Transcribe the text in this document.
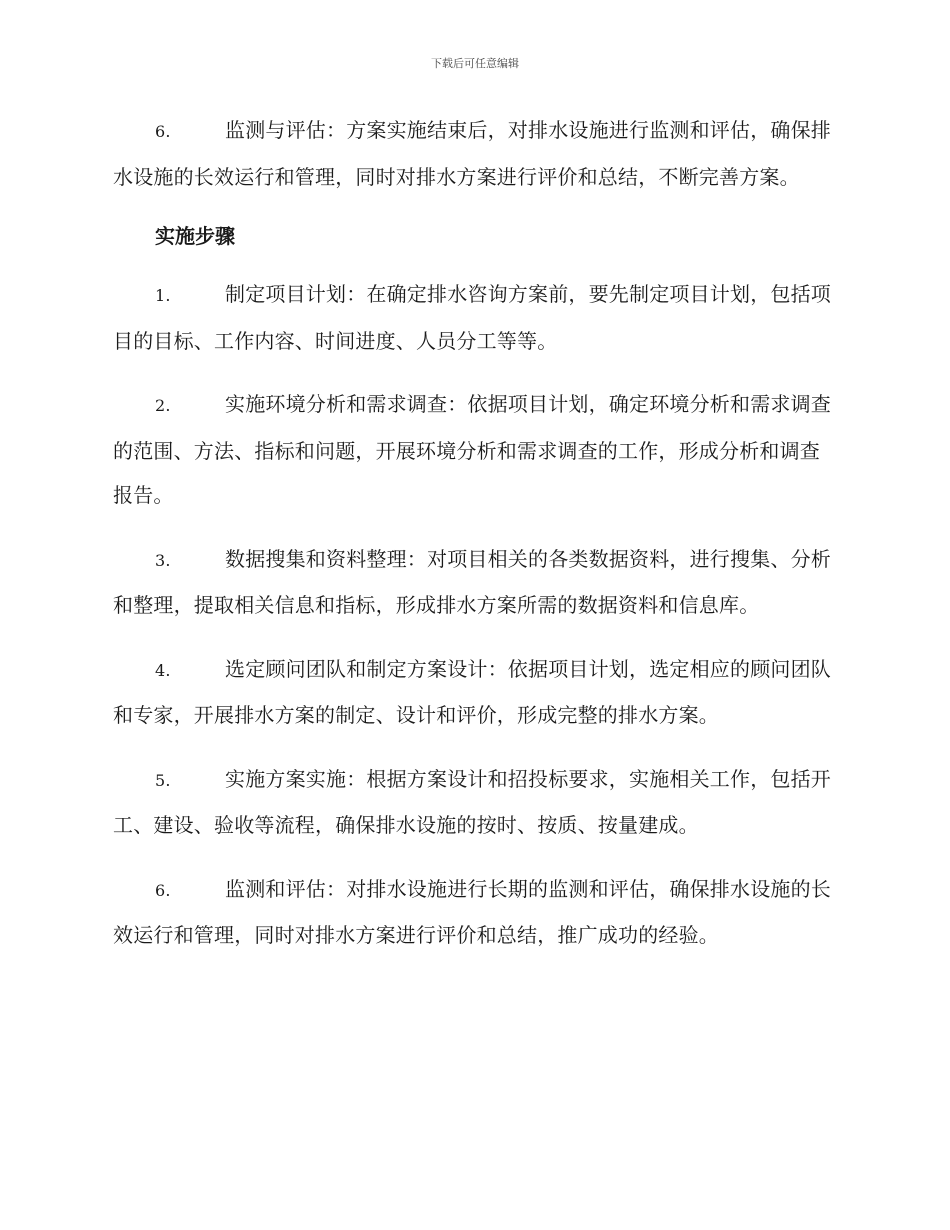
下载后可任意编辑

6.	监测与评估：方案实施结束后，对排水设施进行监测和评估，确保排水设施的长效运行和管理，同时对排水方案进行评价和总结，不断完善方案。

实施步骤

1.	制定项目计划：在确定排水咨询方案前，要先制定项目计划，包括项目的目标、工作内容、时间进度、人员分工等等。

2.	实施环境分析和需求调查：依据项目计划，确定环境分析和需求调查的范围、方法、指标和问题，开展环境分析和需求调查的工作，形成分析和调查报告。

3.	数据搜集和资料整理：对项目相关的各类数据资料，进行搜集、分析和整理，提取相关信息和指标，形成排水方案所需的数据资料和信息库。

4.	选定顾问团队和制定方案设计：依据项目计划，选定相应的顾问团队和专家，开展排水方案的制定、设计和评价，形成完整的排水方案。

5.	实施方案实施：根据方案设计和招投标要求，实施相关工作，包括开工、建设、验收等流程，确保排水设施的按时、按质、按量建成。

6.	监测和评估：对排水设施进行长期的监测和评估，确保排水设施的长效运行和管理，同时对排水方案进行评价和总结，推广成功的经验。
